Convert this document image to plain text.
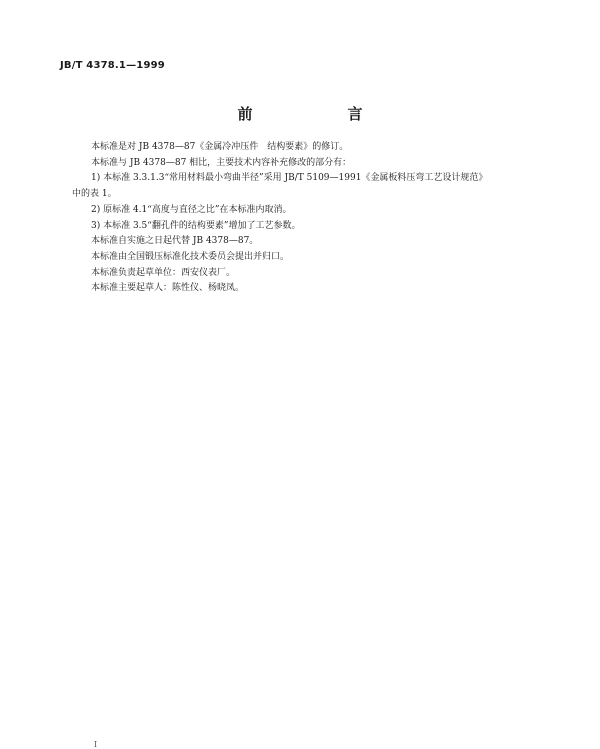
JB/T 4378.1—1999
前　言

本标准是对 JB 4378—87《金属冷冲压件　结构要素》的修订。

本标准与 JB 4378—87 相比，主要技术内容补充修改的部分有：

1) 本标准 3.3.1.3“常用材料最小弯曲半径”采用 JB/T 5109—1991《金属板料压弯工艺设计规范》

中的表 1。

2) 原标准 4.1“高度与直径之比”在本标准内取消。

3) 本标准 3.5“翻孔件的结构要素”增加了工艺参数。

本标准自实施之日起代替 JB 4378—87。

本标准由全国锻压标准化技术委员会提出并归口。

本标准负责起草单位：西安仪表厂。

本标准主要起草人：陈性仪、杨晓凤。

I
